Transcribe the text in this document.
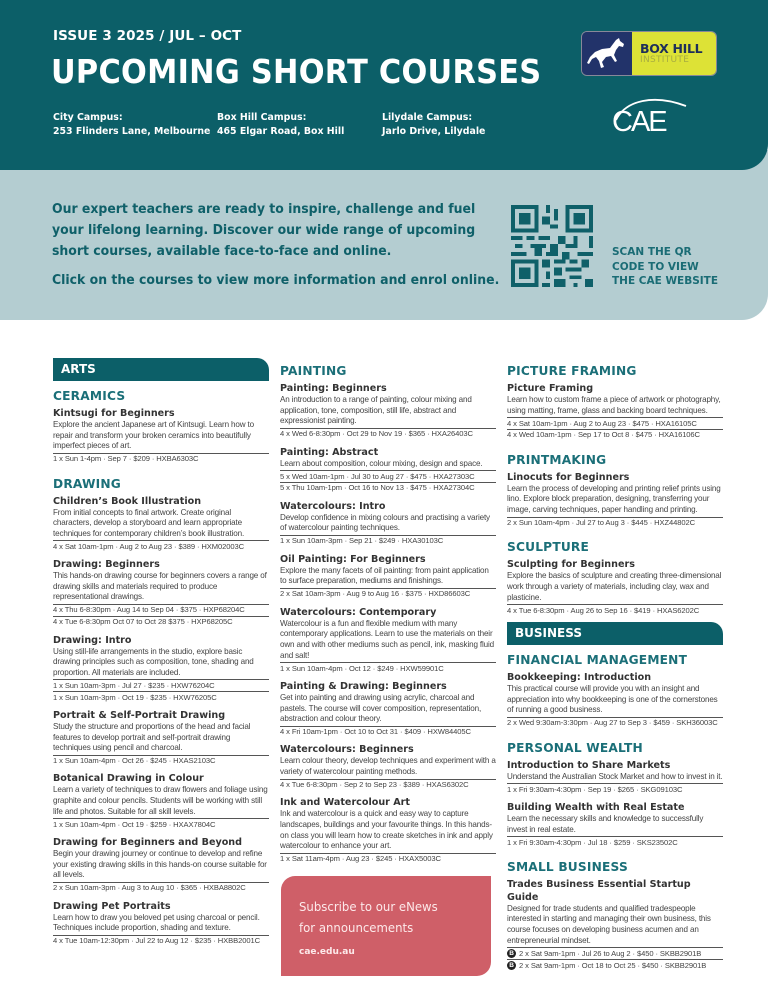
ISSUE 3 2025 / JUL – OCT
UPCOMING SHORT COURSES
City Campus:
253 Flinders Lane, Melbourne
Box Hill Campus:
465 Elgar Road, Box Hill
Lilydale Campus:
Jarlo Drive, Lilydale
BOX HILL
INSTITUTE
CAE

Our expert teachers are ready to inspire, challenge and fuel your lifelong learning. Discover our wide range of upcoming short courses, available face-to-face and online.

Click on the courses to view more information and enrol online.

SCAN THE QR
CODE TO VIEW
THE CAE WEBSITE
ARTS
CERAMICS
Kintsugi for Beginners
Explore the ancient Japanese art of Kintsugi. Learn how to repair and transform your broken ceramics into beautifully imperfect pieces of art.
1 x Sun 1-4pm · Sep 7 · $209 · HXBA6303C
DRAWING
Children’s Book Illustration
From initial concepts to final artwork. Create original characters, develop a storyboard and learn appropriate techniques for contemporary children’s book illustration.
4 x Sat 10am-1pm · Aug 2 to Aug 23 · $389 · HXM02003C
Drawing: Beginners
This hands-on drawing course for beginners covers a range of drawing skills and materials required to produce representational drawings.
4 x Thu 6-8:30pm · Aug 14 to Sep 04 · $375 · HXP68204C
4 x Tue 6-8:30pm Oct 07 to Oct 28 $375 · HXP68205C
Drawing: Intro
Using still-life arrangements in the studio, explore basic drawing principles such as composition, tone, shading and proportion. All materials are included.
1 x Sun 10am-3pm · Jul 27 · $235 · HXW76204C
1 x Sun 10am-3pm · Oct 19 · $235 · HXW76205C
Portrait & Self-Portrait Drawing
Study the structure and proportions of the head and facial features to develop portrait and self-portrait drawing techniques using pencil and charcoal.
1 x Sun 10am-4pm · Oct 26 · $245 · HXAS2103C
Botanical Drawing in Colour
Learn a variety of techniques to draw flowers and foliage using graphite and colour pencils. Students will be working with still life and photos. Suitable for all skill levels.
1 x Sun 10am-4pm · Oct 19 · $259 · HXAX7804C
Drawing for Beginners and Beyond
Begin your drawing journey or continue to develop and refine your existing drawing skills in this hands-on course suitable for all levels.
2 x Sun 10am-3pm · Aug 3 to Aug 10 · $365 · HXBA8802C
Drawing Pet Portraits
Learn how to draw you beloved pet using charcoal or pencil. Techniques include proportion, shading and texture.
4 x Tue 10am-12:30pm · Jul 22 to Aug 12 · $235 · HXBB2001C
PAINTING
Painting: Beginners
An introduction to a range of painting, colour mixing and application, tone, composition, still life, abstract and expressionist painting.
4 x Wed 6-8:30pm · Oct 29 to Nov 19 · $365 · HXA26403C
Painting: Abstract
Learn about composition, colour mixing, design and space.
5 x Wed 10am-1pm · Jul 30 to Aug 27 · $475 · HXA27303C
5 x Thu 10am-1pm · Oct 16 to Nov 13 · $475 · HXA27304C
Watercolours: Intro
Develop confidence in mixing colours and practising a variety of watercolour painting techniques.
1 x Sun 10am-3pm · Sep 21 · $249 · HXA30103C
Oil Painting: For Beginners
Explore the many facets of oil painting: from paint application to surface preparation, mediums and finishings.
2 x Sat 10am-3pm · Aug 9 to Aug 16 · $375 · HXD86603C
Watercolours: Contemporary
Watercolour is a fun and flexible medium with many contemporary applications. Learn to use the materials on their own and with other mediums such as pencil, ink, masking fluid and salt!
1 x Sun 10am-4pm · Oct 12 · $249 · HXW59901C
Painting & Drawing: Beginners
Get into painting and drawing using acrylic, charcoal and pastels. The course will cover composition, representation, abstraction and colour theory.
4 x Fri 10am-1pm · Oct 10 to Oct 31 · $409 · HXW84405C
Watercolours: Beginners
Learn colour theory, develop techniques and experiment with a variety of watercolour painting methods.
4 x Tue 6-8:30pm · Sep 2 to Sep 23 · $389 · HXAS6302C
Ink and Watercolour Art
Ink and watercolour is a quick and easy way to capture landscapes, buildings and your favourite things. In this hands-on class you will learn how to create sketches in ink and apply watercolour to enhance your art.
1 x Sat 11am-4pm · Aug 23 · $245 · HXAX5003C
Subscribe to our eNews
for announcements
cae.edu.au
PICTURE FRAMING
Picture Framing
Learn how to custom frame a piece of artwork or photography, using matting, frame, glass and backing board techniques.
4 x Sat 10am-1pm · Aug 2 to Aug 23 · $475 · HXA16105C
4 x Wed 10am-1pm · Sep 17 to Oct 8 · $475 · HXA16106C
PRINTMAKING
Linocuts for Beginners
Learn the process of developing and printing relief prints using lino. Explore block preparation, designing, transferring your image, carving techniques, paper handling and printing.
2 x Sun 10am-4pm · Jul 27 to Aug 3 · $445 · HXZ44802C
SCULPTURE
Sculpting for Beginners
Explore the basics of sculpture and creating three-dimensional work through a variety of materials, including clay, wax and plasticine.
4 x Tue 6-8:30pm · Aug 26 to Sep 16 · $419 · HXAS6202C
BUSINESS
FINANCIAL MANAGEMENT
Bookkeeping: Introduction
This practical course will provide you with an insight and appreciation into why bookkeeping is one of the cornerstones of running a good business.
2 x Wed 9:30am-3:30pm · Aug 27 to Sep 3 · $459 · SKH36003C
PERSONAL WEALTH
Introduction to Share Markets
Understand the Australian Stock Market and how to invest in it.
1 x Fri 9:30am-4:30pm · Sep 19 · $265 · SKG09103C
Building Wealth with Real Estate
Learn the necessary skills and knowledge to successfully invest in real estate.
1 x Fri 9:30am-4:30pm · Jul 18 · $259 · SKS23502C
SMALL BUSINESS
Trades Business Essential Startup Guide
Designed for trade students and qualified tradespeople interested in starting and managing their own business, this course focuses on developing business acumen and an entrepreneurial mindset.
B 2 x Sat 9am-1pm · Jul 26 to Aug 2 · $450 · SKBB2901B
B 2 x Sat 9am-1pm · Oct 18 to Oct 25 · $450 · SKBB2901B
